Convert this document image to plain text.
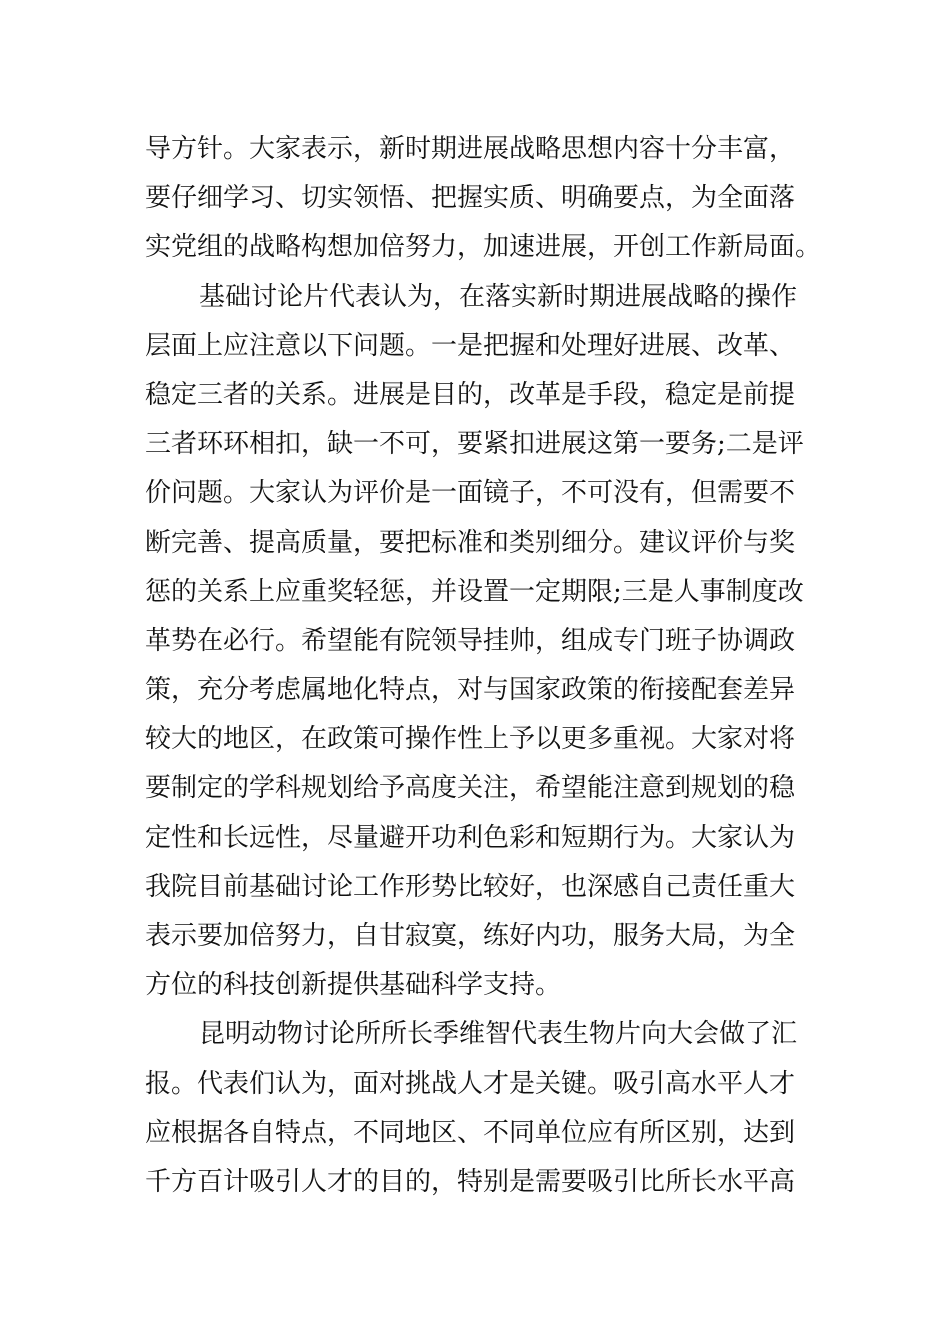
导方针。大家表示，新时期进展战略思想内容十分丰富，
要仔细学习、切实领悟、把握实质、明确要点，为全面落
实党组的战略构想加倍努力，加速进展，开创工作新局面。
基础讨论片代表认为，在落实新时期进展战略的操作
层面上应注意以下问题。一是把握和处理好进展、改革、
稳定三者的关系。进展是目的，改革是手段，稳定是前提
三者环环相扣，缺一不可，要紧扣进展这第一要务;二是评
价问题。大家认为评价是一面镜子，不可没有，但需要不
断完善、提高质量，要把标准和类别细分。建议评价与奖
惩的关系上应重奖轻惩，并设置一定期限;三是人事制度改
革势在必行。希望能有院领导挂帅，组成专门班子协调政
策，充分考虑属地化特点，对与国家政策的衔接配套差异
较大的地区，在政策可操作性上予以更多重视。大家对将
要制定的学科规划给予高度关注，希望能注意到规划的稳
定性和长远性，尽量避开功利色彩和短期行为。大家认为
我院目前基础讨论工作形势比较好，也深感自己责任重大
表示要加倍努力，自甘寂寞，练好内功，服务大局，为全
方位的科技创新提供基础科学支持。
昆明动物讨论所所长季维智代表生物片向大会做了汇
报。代表们认为，面对挑战人才是关键。吸引高水平人才
应根据各自特点，不同地区、不同单位应有所区别，达到
千方百计吸引人才的目的，特别是需要吸引比所长水平高
